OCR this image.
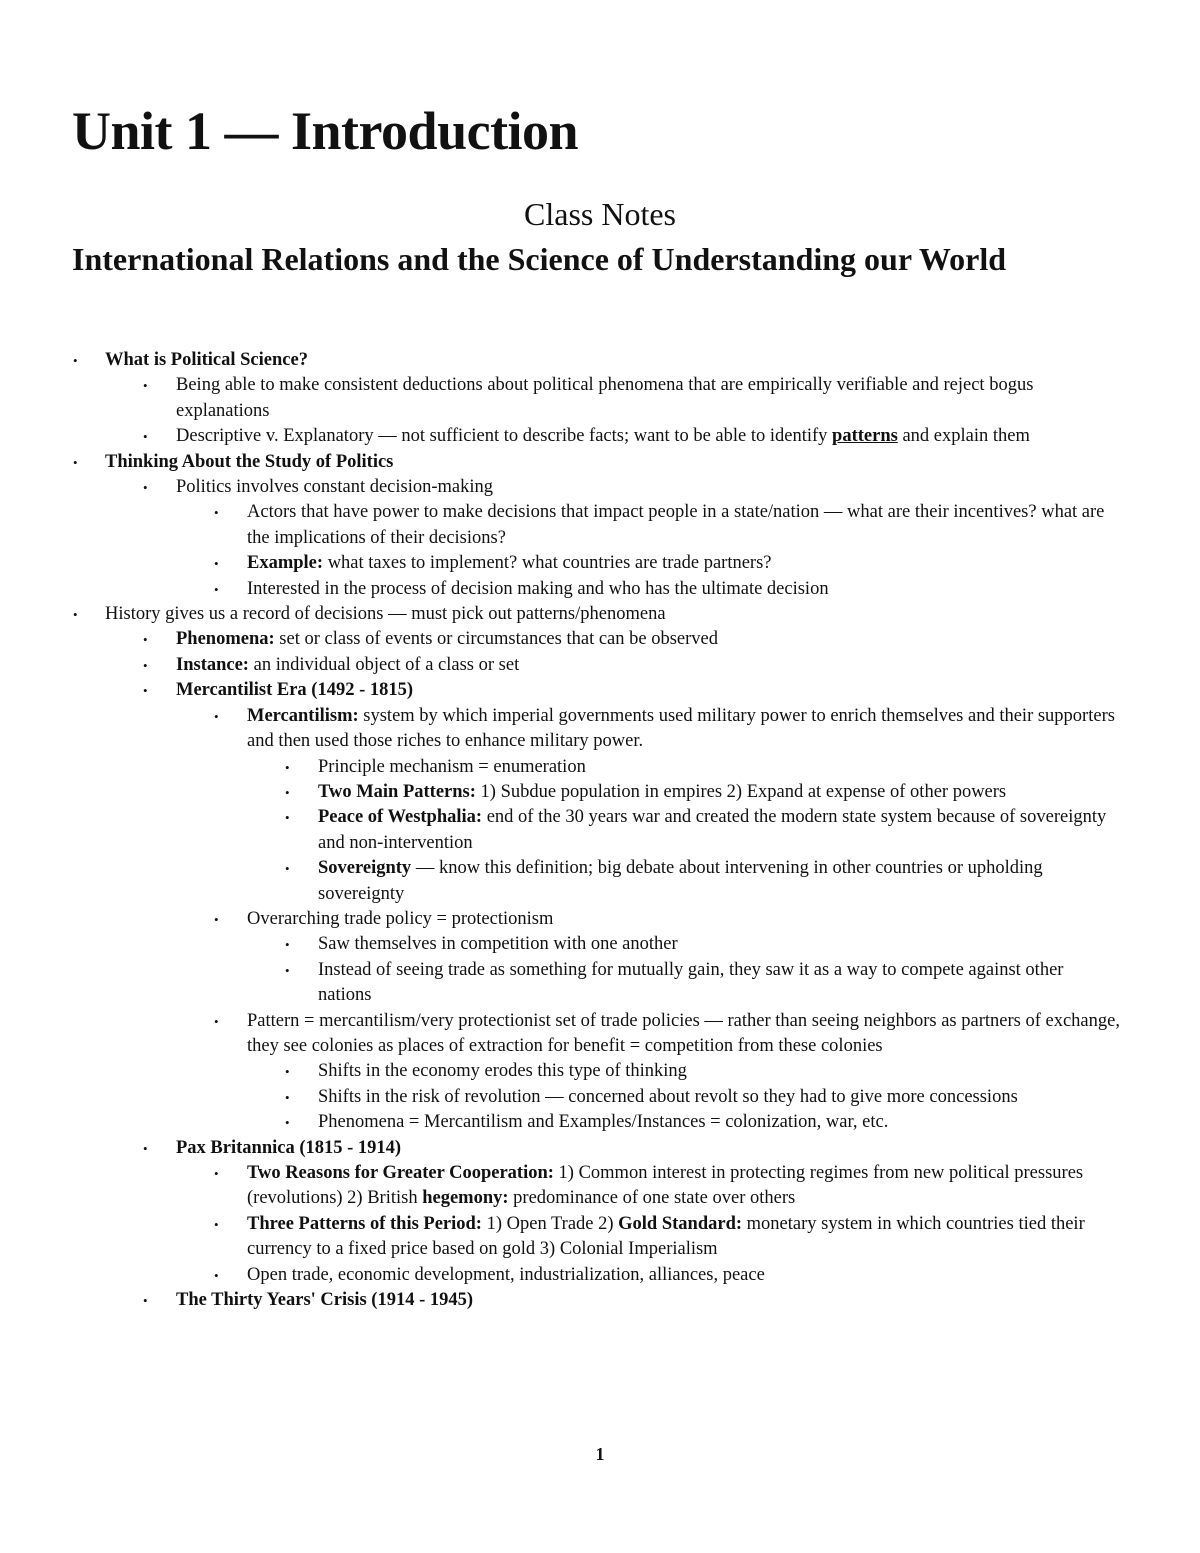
Unit 1 — Introduction
Class Notes
International Relations and the Science of Understanding our World
• What is Political Science?
• Being able to make consistent deductions about political phenomena that are empirically verifiable and reject bogus explanations
• Descriptive v. Explanatory — not sufficient to describe facts; want to be able to identify patterns and explain them
• Thinking About the Study of Politics
• Politics involves constant decision-making
• Actors that have power to make decisions that impact people in a state/nation — what are their incentives? what are the implications of their decisions?
• Example: what taxes to implement? what countries are trade partners?
• Interested in the process of decision making and who has the ultimate decision
• History gives us a record of decisions — must pick out patterns/phenomena
• Phenomena: set or class of events or circumstances that can be observed
• Instance: an individual object of a class or set
• Mercantilist Era (1492 - 1815)
• Mercantilism: system by which imperial governments used military power to enrich themselves and their supporters and then used those riches to enhance military power.
• Principle mechanism = enumeration
• Two Main Patterns: 1) Subdue population in empires 2) Expand at expense of other powers
• Peace of Westphalia: end of the 30 years war and created the modern state system because of sovereignty and non-intervention
• Sovereignty — know this definition; big debate about intervening in other countries or upholding sovereignty
• Overarching trade policy = protectionism
• Saw themselves in competition with one another
• Instead of seeing trade as something for mutually gain, they saw it as a way to compete against other nations
• Pattern = mercantilism/very protectionist set of trade policies — rather than seeing neighbors as partners of exchange, they see colonies as places of extraction for benefit = competition from these colonies
• Shifts in the economy erodes this type of thinking
• Shifts in the risk of revolution — concerned about revolt so they had to give more concessions
• Phenomena = Mercantilism and Examples/Instances = colonization, war, etc.
• Pax Britannica (1815 - 1914)
• Two Reasons for Greater Cooperation: 1) Common interest in protecting regimes from new political pressures (revolutions) 2) British hegemony: predominance of one state over others
• Three Patterns of this Period: 1) Open Trade 2) Gold Standard: monetary system in which countries tied their currency to a fixed price based on gold 3) Colonial Imperialism
• Open trade, economic development, industrialization, alliances, peace
• The Thirty Years' Crisis (1914 - 1945)
1
